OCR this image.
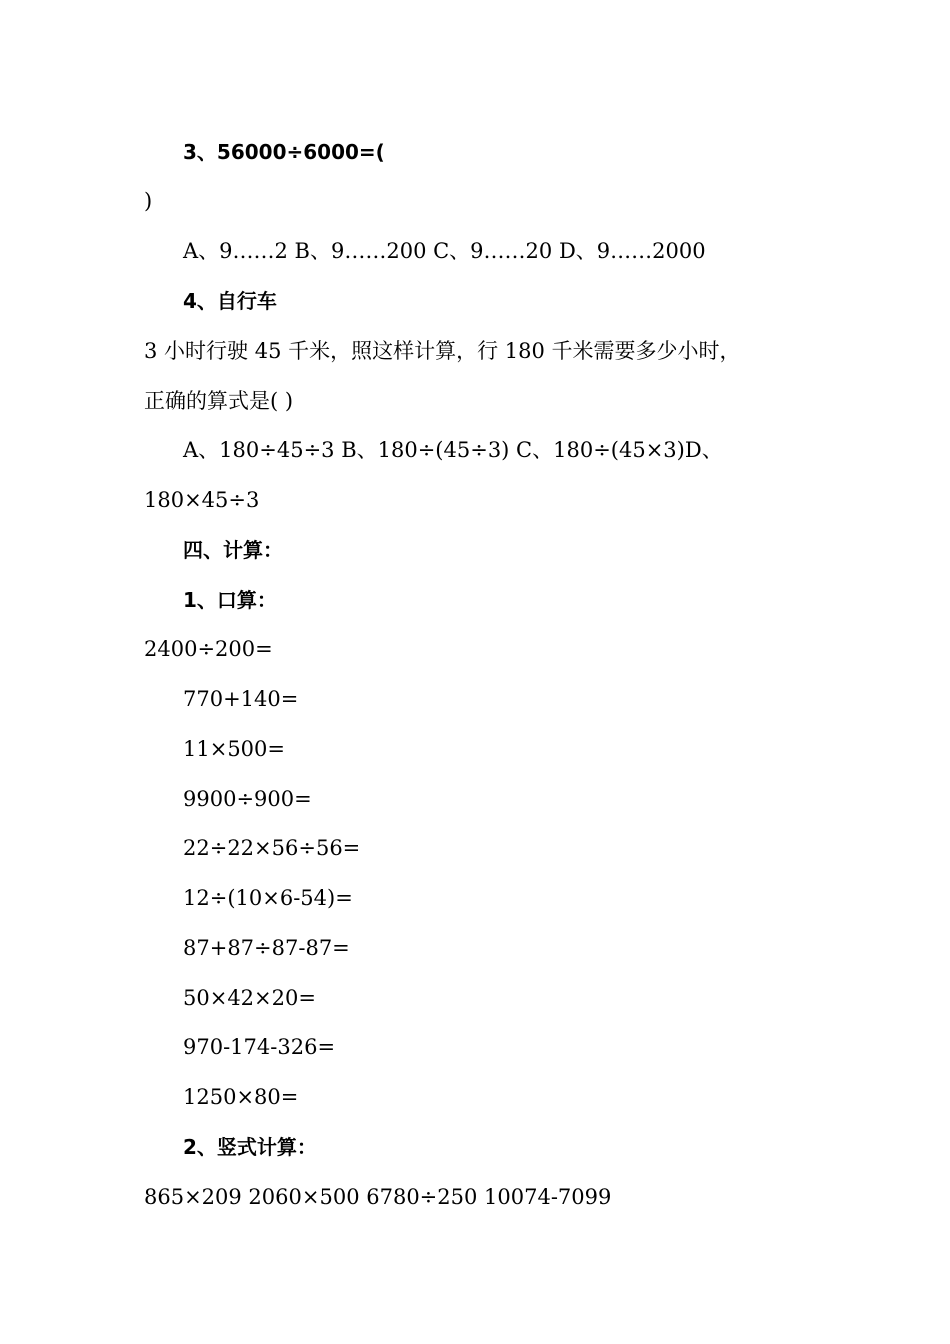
3、56000÷6000=(
)
A、9……2 B、9……200 C、9……20 D、9……2000
4、自行车
3 小时行驶 45 千米，照这样计算，行 180 千米需要多少小时，
正确的算式是( )
A、180÷45÷3 B、180÷(45÷3) C、180÷(45×3)D、
180×45÷3
四、计算：
1、口算：
2400÷200=
770+140=
11×500=
9900÷900=
22÷22×56÷56=
12÷(10×6-54)=
87+87÷87-87=
50×42×20=
970-174-326=
1250×80=
2、竖式计算：
865×209 2060×500 6780÷250 10074-7099
